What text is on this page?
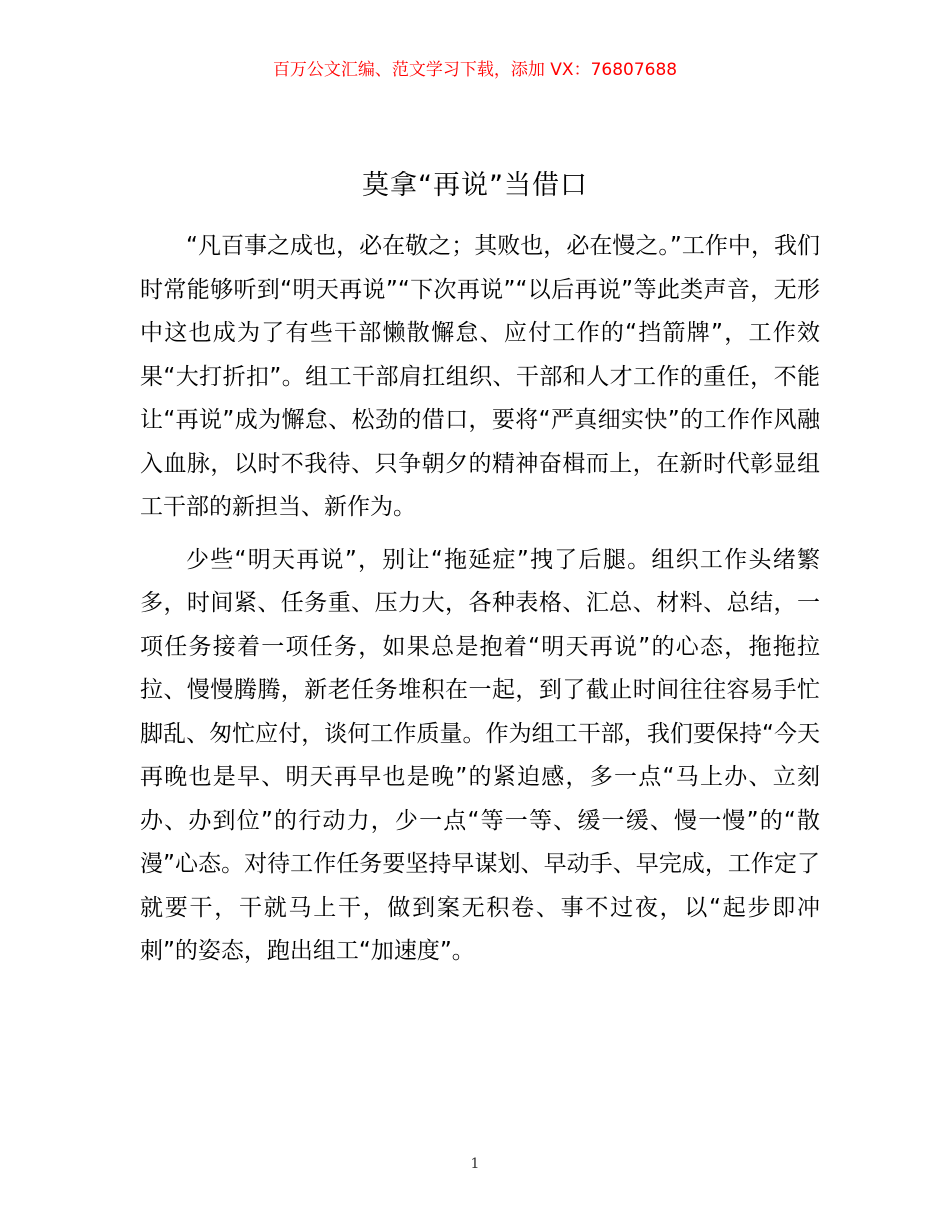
百万公文汇编、范文学习下载，添加 VX：76807688
莫拿“再说”当借口

“凡百事之成也，必在敬之；其败也，必在慢之。”工作中，我们时常能够听到“明天再说”“下次再说”“以后再说”等此类声音，无形中这也成为了有些干部懒散懈怠、应付工作的“挡箭牌”，工作效果“大打折扣”。组工干部肩扛组织、干部和人才工作的重任，不能让“再说”成为懈怠、松劲的借口，要将“严真细实快”的工作作风融入血脉，以时不我待、只争朝夕的精神奋楫而上，在新时代彰显组工干部的新担当、新作为。

少些“明天再说”，别让“拖延症”拽了后腿。组织工作头绪繁多，时间紧、任务重、压力大，各种表格、汇总、材料、总结，一项任务接着一项任务，如果总是抱着“明天再说”的心态，拖拖拉拉、慢慢腾腾，新老任务堆积在一起，到了截止时间往往容易手忙脚乱、匆忙应付，谈何工作质量。作为组工干部，我们要保持“今天再晚也是早、明天再早也是晚”的紧迫感，多一点“马上办、立刻办、办到位”的行动力，少一点“等一等、缓一缓、慢一慢”的“散漫”心态。对待工作任务要坚持早谋划、早动手、早完成，工作定了就要干，干就马上干，做到案无积卷、事不过夜，以“起步即冲刺”的姿态，跑出组工“加速度”。

1
